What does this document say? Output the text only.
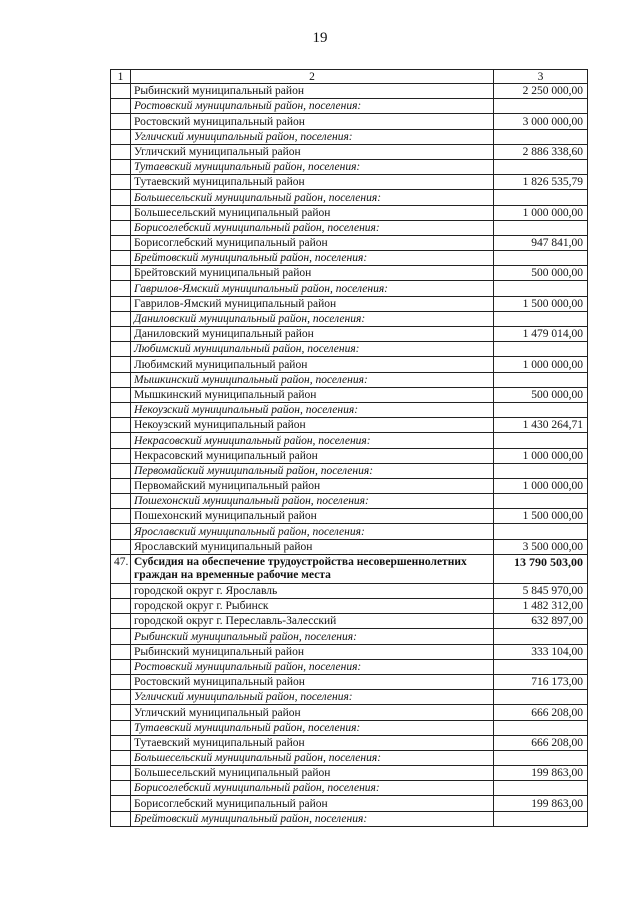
19
1	2	3
	Рыбинский муниципальный район	2 250 000,00
	Ростовский муниципальный район, поселения:	
	Ростовский муниципальный район	3 000 000,00
	Угличский муниципальный район, поселения:	
	Угличский муниципальный район	2 886 338,60
	Тутаевский муниципальный район, поселения:	
	Тутаевский муниципальный район	1 826 535,79
	Большесельский муниципальный район, поселения:	
	Большесельский муниципальный район	1 000 000,00
	Борисоглебский муниципальный район, поселения:	
	Борисоглебский муниципальный район	947 841,00
	Брейтовский муниципальный район, поселения:	
	Брейтовский муниципальный район	500 000,00
	Гаврилов-Ямский муниципальный район, поселения:	
	Гаврилов-Ямский муниципальный район	1 500 000,00
	Даниловский муниципальный район, поселения:	
	Даниловский муниципальный район	1 479 014,00
	Любимский муниципальный район, поселения:	
	Любимский муниципальный район	1 000 000,00
	Мышкинский муниципальный район, поселения:	
	Мышкинский муниципальный район	500 000,00
	Некоузский муниципальный район, поселения:	
	Некоузский муниципальный район	1 430 264,71
	Некрасовский муниципальный район, поселения:	
	Некрасовский муниципальный район	1 000 000,00
	Первомайский муниципальный район, поселения:	
	Первомайский муниципальный район	1 000 000,00
	Пошехонский муниципальный район, поселения:	
	Пошехонский муниципальный район	1 500 000,00
	Ярославский муниципальный район, поселения:	
	Ярославский муниципальный район	3 500 000,00
47.	Субсидия на обеспечение трудоустройства несовершеннолетних граждан на временные рабочие места	13 790 503,00
	городской округ г. Ярославль	5 845 970,00
	городской округ г. Рыбинск	1 482 312,00
	городской округ г. Переславль-Залесский	632 897,00
	Рыбинский муниципальный район, поселения:	
	Рыбинский муниципальный район	333 104,00
	Ростовский муниципальный район, поселения:	
	Ростовский муниципальный район	716 173,00
	Угличский муниципальный район, поселения:	
	Угличский муниципальный район	666 208,00
	Тутаевский муниципальный район, поселения:	
	Тутаевский муниципальный район	666 208,00
	Большесельский муниципальный район, поселения:	
	Большесельский муниципальный район	199 863,00
	Борисоглебский муниципальный район, поселения:	
	Борисоглебский муниципальный район	199 863,00
	Брейтовский муниципальный район, поселения:	
